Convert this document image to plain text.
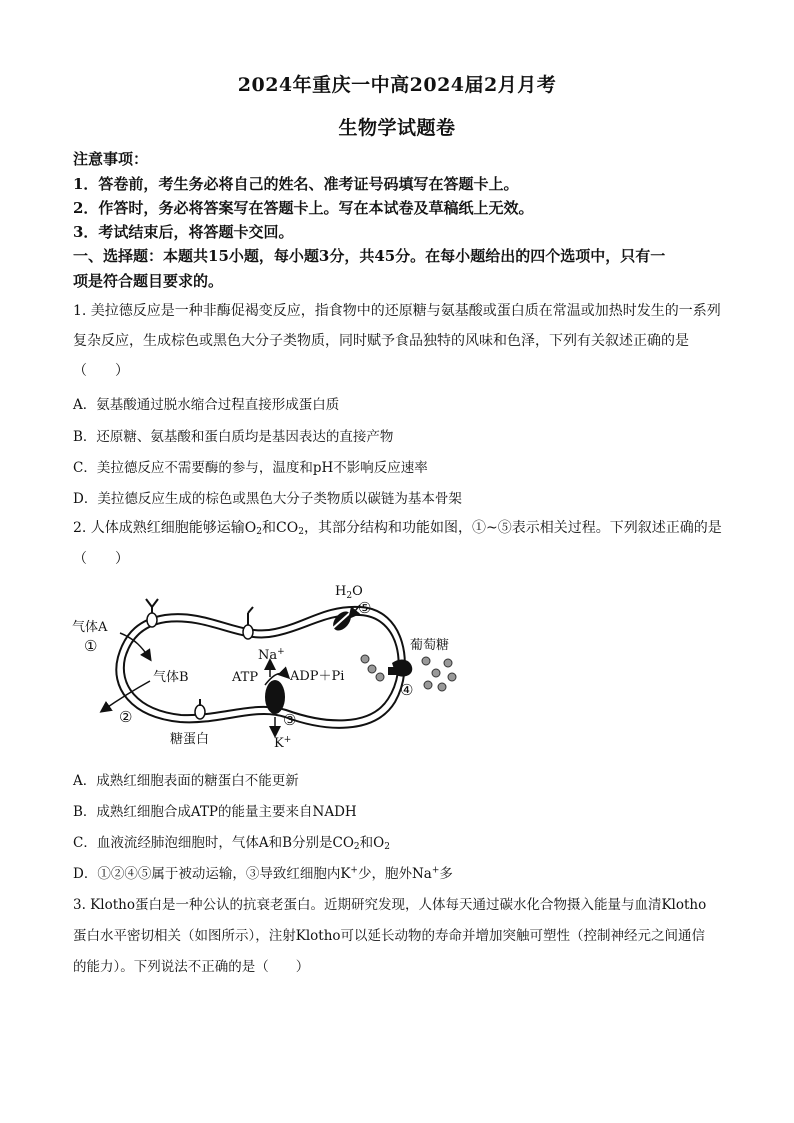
2024年重庆一中高2024届2月月考
生物学试题卷
注意事项：
1．答卷前，考生务必将自己的姓名、准考证号码填写在答题卡上。
2．作答时，务必将答案写在答题卡上。写在本试卷及草稿纸上无效。
3．考试结束后，将答题卡交回。
一、选择题：本题共15小题，每小题3分，共45分。在每小题给出的四个选项中，只有一
项是符合题目要求的。
1. 美拉德反应是一种非酶促褐变反应，指食物中的还原糖与氨基酸或蛋白质在常温或加热时发生的一系列
复杂反应，生成棕色或黑色大分子类物质，同时赋予食品独特的风味和色泽，下列有关叙述正确的是
（　　）
A．氨基酸通过脱水缩合过程直接形成蛋白质
B．还原糖、氨基酸和蛋白质均是基因表达的直接产物
C．美拉德反应不需要酶的参与，温度和pH不影响反应速率
D．美拉德反应生成的棕色或黑色大分子类物质以碳链为基本骨架
2. 人体成熟红细胞能够运输$O_2$和$CO_2$，其部分结构和功能如图，①~⑤表示相关过程。下列叙述正确的是
（　　）
$H_2O$
⑤
气体A
①
气体B
②
糖蛋白
Na+
ATP ADP＋Pi
③
K+
葡萄糖
④
A．成熟红细胞表面的糖蛋白不能更新
B．成熟红细胞合成ATP的能量主要来自NADH
C．血液流经肺泡细胞时，气体A和B分别是$CO_2$和$O_2$
D．①②④⑤属于被动运输，③导致红细胞内K+少，胞外Na+多
3. Klotho蛋白是一种公认的抗衰老蛋白。近期研究发现，人体每天通过碳水化合物摄入能量与血清Klotho
蛋白水平密切相关（如图所示），注射Klotho可以延长动物的寿命并增加突触可塑性（控制神经元之间通信
的能力）。下列说法不正确的是（　　）
